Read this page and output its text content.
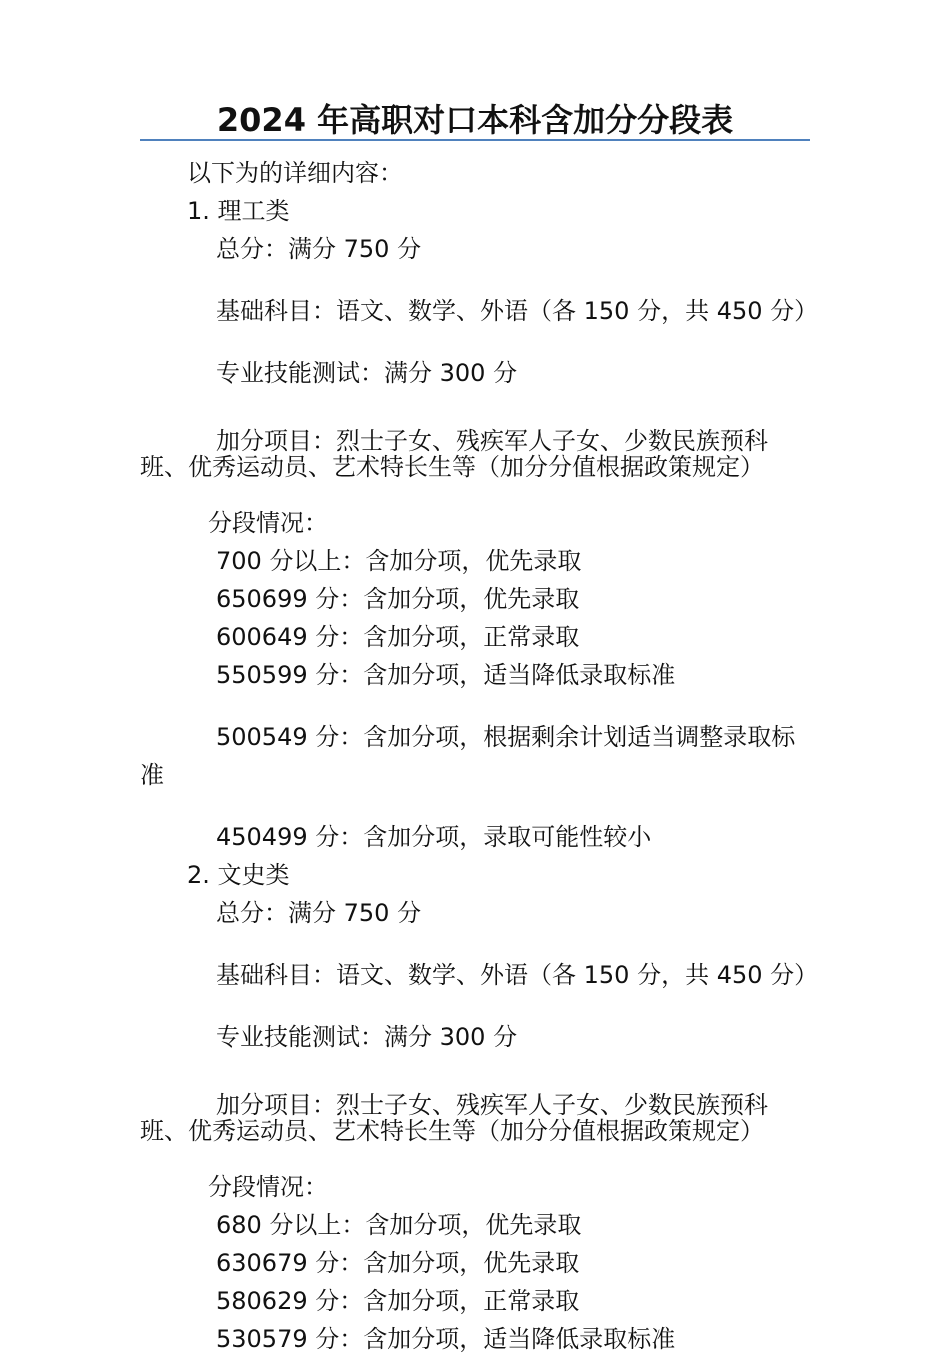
2024 年高职对口本科含加分分段表

以下为的详细内容：

1. 理工类

总分：满分 750 分

基础科目：语文、数学、外语（各 150 分，共 450 分）

专业技能测试：满分 300 分

加分项目：烈士子女、残疾军人子女、少数民族预科班、优秀运动员、艺术特长生等（加分分值根据政策规定）

分段情况：

700 分以上：含加分项，优先录取

650699 分：含加分项，优先录取

600649 分：含加分项，正常录取

550599 分：含加分项，适当降低录取标准

500549 分：含加分项，根据剩余计划适当调整录取标准

450499 分：含加分项，录取可能性较小

2. 文史类

总分：满分 750 分

基础科目：语文、数学、外语（各 150 分，共 450 分）

专业技能测试：满分 300 分

加分项目：烈士子女、残疾军人子女、少数民族预科班、优秀运动员、艺术特长生等（加分分值根据政策规定）

分段情况：

680 分以上：含加分项，优先录取

630679 分：含加分项，优先录取

580629 分：含加分项，正常录取

530579 分：含加分项，适当降低录取标准
